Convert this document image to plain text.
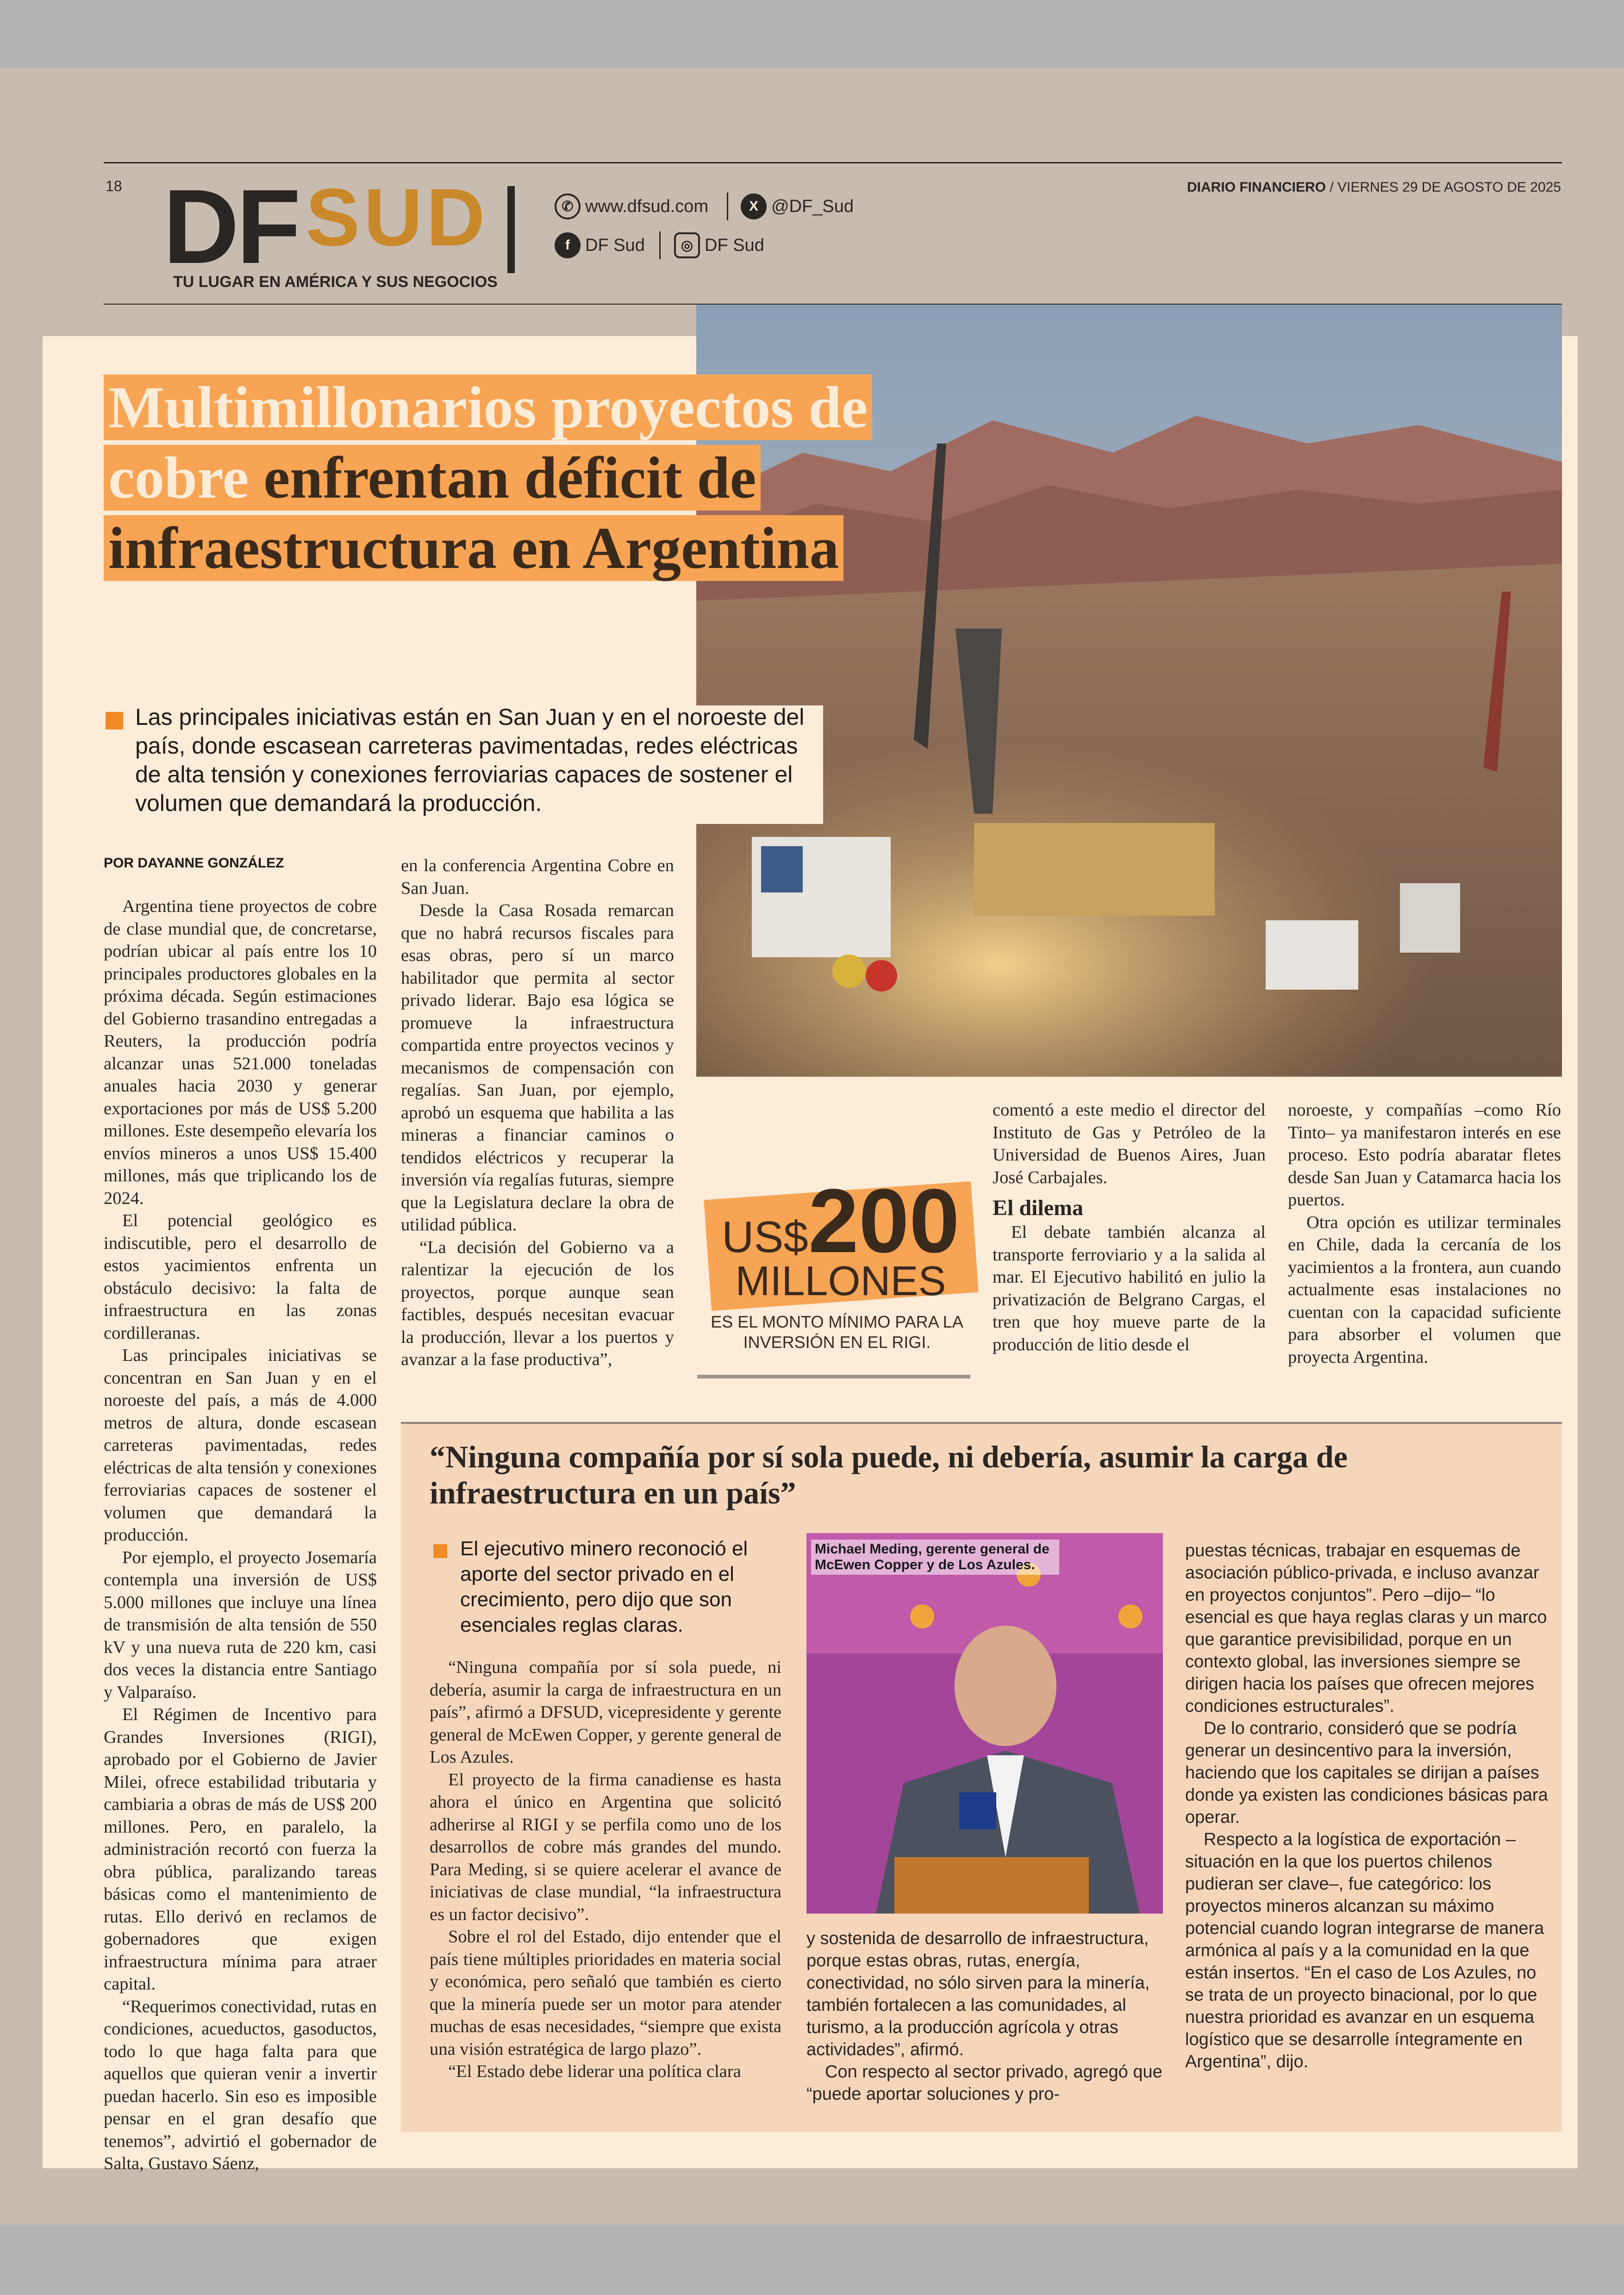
18 DF SUD
TU LUGAR EN AMÉRICA Y SUS NEGOCIOS
✆ www.dfsud.com	X @DF_Sud
f DF Sud	◎ DF Sud
DIARIO FINANCIERO / VIERNES 29 DE AGOSTO DE 2025
Multimillonarios proyectos de cobre enfrentan déficit de infraestructura en Argentina
Las principales iniciativas están en San Juan y en el noroeste del país, donde escasean carreteras pavimentadas, redes eléctricas de alta tensión y conexiones ferroviarias capaces de sostener el volumen que demandará la producción.
POR DAYANNE GONZÁLEZ

Argentina tiene proyectos de cobre de clase mundial que, de concretarse, podrían ubicar al país entre los 10 principales productores globales en la próxima década. Según estimaciones del Gobierno trasandino entregadas a Reuters, la producción podría alcanzar unas 521.000 toneladas anuales hacia 2030 y generar exportaciones por más de US$ 5.200 millones. Este desempeño elevaría los envíos mineros a unos US$ 15.400 millones, más que triplicando los de 2024.

El potencial geológico es indiscutible, pero el desarrollo de estos yacimientos enfrenta un obstáculo decisivo: la falta de infraestructura en las zonas cordilleranas.

Las principales iniciativas se concentran en San Juan y en el noroeste del país, a más de 4.000 metros de altura, donde escasean carreteras pavimentadas, redes eléctricas de alta tensión y conexiones ferroviarias capaces de sostener el volumen que demandará la producción.

Por ejemplo, el proyecto Josemaría contempla una inversión de US$ 5.000 millones que incluye una línea de transmisión de alta tensión de 550 kV y una nueva ruta de 220 km, casi dos veces la distancia entre Santiago y Valparaíso.

El Régimen de Incentivo para Grandes Inversiones (RIGI), aprobado por el Gobierno de Javier Milei, ofrece estabilidad tributaria y cambiaria a obras de más de US$ 200 millones. Pero, en paralelo, la administración recortó con fuerza la obra pública, paralizando tareas básicas como el mantenimiento de rutas. Ello derivó en reclamos de gobernadores que exigen infraestructura mínima para atraer capital.

“Requerimos conectividad, rutas en condiciones, acueductos, gasoductos, todo lo que haga falta para que aquellos que quieran venir a invertir puedan hacerlo. Sin eso es imposible pensar en el gran desafío que tenemos”, advirtió el gobernador de Salta, Gustavo Sáenz,

en la conferencia Argentina Cobre en San Juan.

Desde la Casa Rosada remarcan que no habrá recursos fiscales para esas obras, pero sí un marco habilitador que permita al sector privado liderar. Bajo esa lógica se promueve la infraestructura compartida entre proyectos vecinos y mecanismos de compensación con regalías. San Juan, por ejemplo, aprobó un esquema que habilita a las mineras a financiar caminos o tendidos eléctricos y recuperar la inversión vía regalías futuras, siempre que la Legislatura declare la obra de utilidad pública.

“La decisión del Gobierno va a ralentizar la ejecución de los proyectos, porque aunque sean factibles, después necesitan evacuar la producción, llevar a los puertos y avanzar a la fase productiva”,

US$200
MILLONES
ES EL MONTO MÍNIMO PARA LA INVERSIÓN EN EL RIGI.

comentó a este medio el director del Instituto de Gas y Petróleo de la Universidad de Buenos Aires, Juan José Carbajales.

El dilema

El debate también alcanza al transporte ferroviario y a la salida al mar. El Ejecutivo habilitó en julio la privatización de Belgrano Cargas, el tren que hoy mueve parte de la producción de litio desde el

noroeste, y compañías –como Río Tinto– ya manifestaron interés en ese proceso. Esto podría abaratar fletes desde San Juan y Catamarca hacia los puertos.

Otra opción es utilizar terminales en Chile, dada la cercanía de los yacimientos a la frontera, aun cuando actualmente esas instalaciones no cuentan con la capacidad suficiente para absorber el volumen que proyecta Argentina.

“Ninguna compañía por sí sola puede, ni debería, asumir la carga de infraestructura en un país”
El ejecutivo minero reconoció el aporte del sector privado en el crecimiento, pero dijo que son esenciales reglas claras.

“Ninguna compañía por sí sola puede, ni debería, asumir la carga de infraestructura en un país”, afirmó a DFSUD, vicepresidente y gerente general de McEwen Copper, y gerente general de Los Azules.

El proyecto de la firma canadiense es hasta ahora el único en Argentina que solicitó adherirse al RIGI y se perfila como uno de los desarrollos de cobre más grandes del mundo. Para Meding, si se quiere acelerar el avance de iniciativas de clase mundial, “la infraestructura es un factor decisivo”.

Sobre el rol del Estado, dijo entender que el país tiene múltiples prioridades en materia social y económica, pero señaló que también es cierto que la minería puede ser un motor para atender muchas de esas necesidades, “siempre que exista una visión estratégica de largo plazo”.

“El Estado debe liderar una política clara

Michael Meding, gerente general de McEwen Copper y de Los Azules.

y sostenida de desarrollo de infraestructura, porque estas obras, rutas, energía, conectividad, no sólo sirven para la minería, también fortalecen a las comunidades, al turismo, a la producción agrícola y otras actividades”, afirmó.

Con respecto al sector privado, agregó que “puede aportar soluciones y pro-

puestas técnicas, trabajar en esquemas de asociación público-privada, e incluso avanzar en proyectos conjuntos”. Pero –dijo– “lo esencial es que haya reglas claras y un marco que garantice previsibilidad, porque en un contexto global, las inversiones siempre se dirigen hacia los países que ofrecen mejores condiciones estructurales”.

De lo contrario, consideró que se podría generar un desincentivo para la inversión, haciendo que los capitales se dirijan a países donde ya existen las condiciones básicas para operar.

Respecto a la logística de exportación –situación en la que los puertos chilenos pudieran ser clave–, fue categórico: los proyectos mineros alcanzan su máximo potencial cuando logran integrarse de manera armónica al país y a la comunidad en la que están insertos. “En el caso de Los Azules, no se trata de un proyecto binacional, por lo que nuestra prioridad es avanzar en un esquema logístico que se desarrolle íntegramente en Argentina”, dijo.
